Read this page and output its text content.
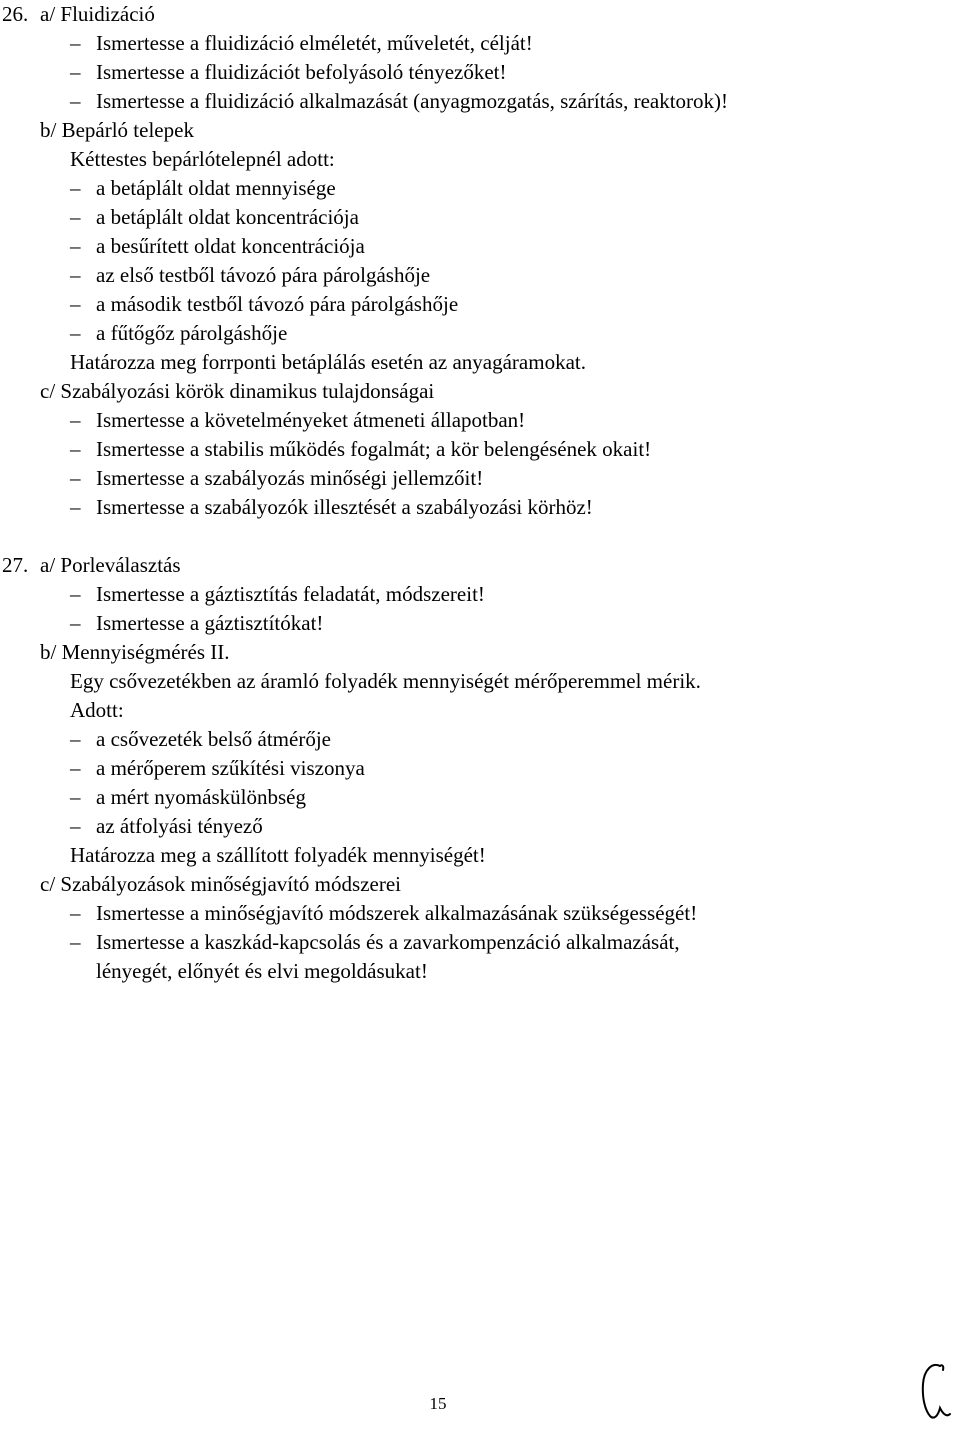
26. a/ Fluidizáció
– Ismertesse a fluidizáció elméletét, műveletét, célját!
– Ismertesse a fluidizációt befolyásoló tényezőket!
– Ismertesse a fluidizáció alkalmazását (anyagmozgatás, szárítás, reaktorok)!
b/ Bepárló telepek
Kéttestes bepárlótelepnél adott:
– a betáplált oldat mennyisége
– a betáplált oldat koncentrációja
– a besűrített oldat koncentrációja
– az első testből távozó pára párolgáshője
– a második testből távozó pára párolgáshője
– a fűtőgőz párolgáshője
Határozza meg forrponti betáplálás esetén az anyagáramokat.
c/ Szabályozási körök dinamikus tulajdonságai
– Ismertesse a követelményeket átmeneti állapotban!
– Ismertesse a stabilis működés fogalmát; a kör belengésének okait!
– Ismertesse a szabályozás minőségi jellemzőit!
– Ismertesse a szabályozók illesztését a szabályozási körhöz!
27. a/ Porleválasztás
– Ismertesse a gáztisztítás feladatát, módszereit!
– Ismertesse a gáztisztítókat!
b/ Mennyiségmérés II.
Egy csővezetékben az áramló folyadék mennyiségét mérőperemmel mérik.
Adott:
– a csővezeték belső átmérője
– a mérőperem szűkítési viszonya
– a mért nyomáskülönbség
– az átfolyási tényező
Határozza meg a szállított folyadék mennyiségét!
c/ Szabályozások minőségjavító módszerei
– Ismertesse a minőségjavító módszerek alkalmazásának szükségességét!
– Ismertesse a kaszkád-kapcsolás és a zavarkompenzáció alkalmazását,
lényegét, előnyét és elvi megoldásukat!
15
